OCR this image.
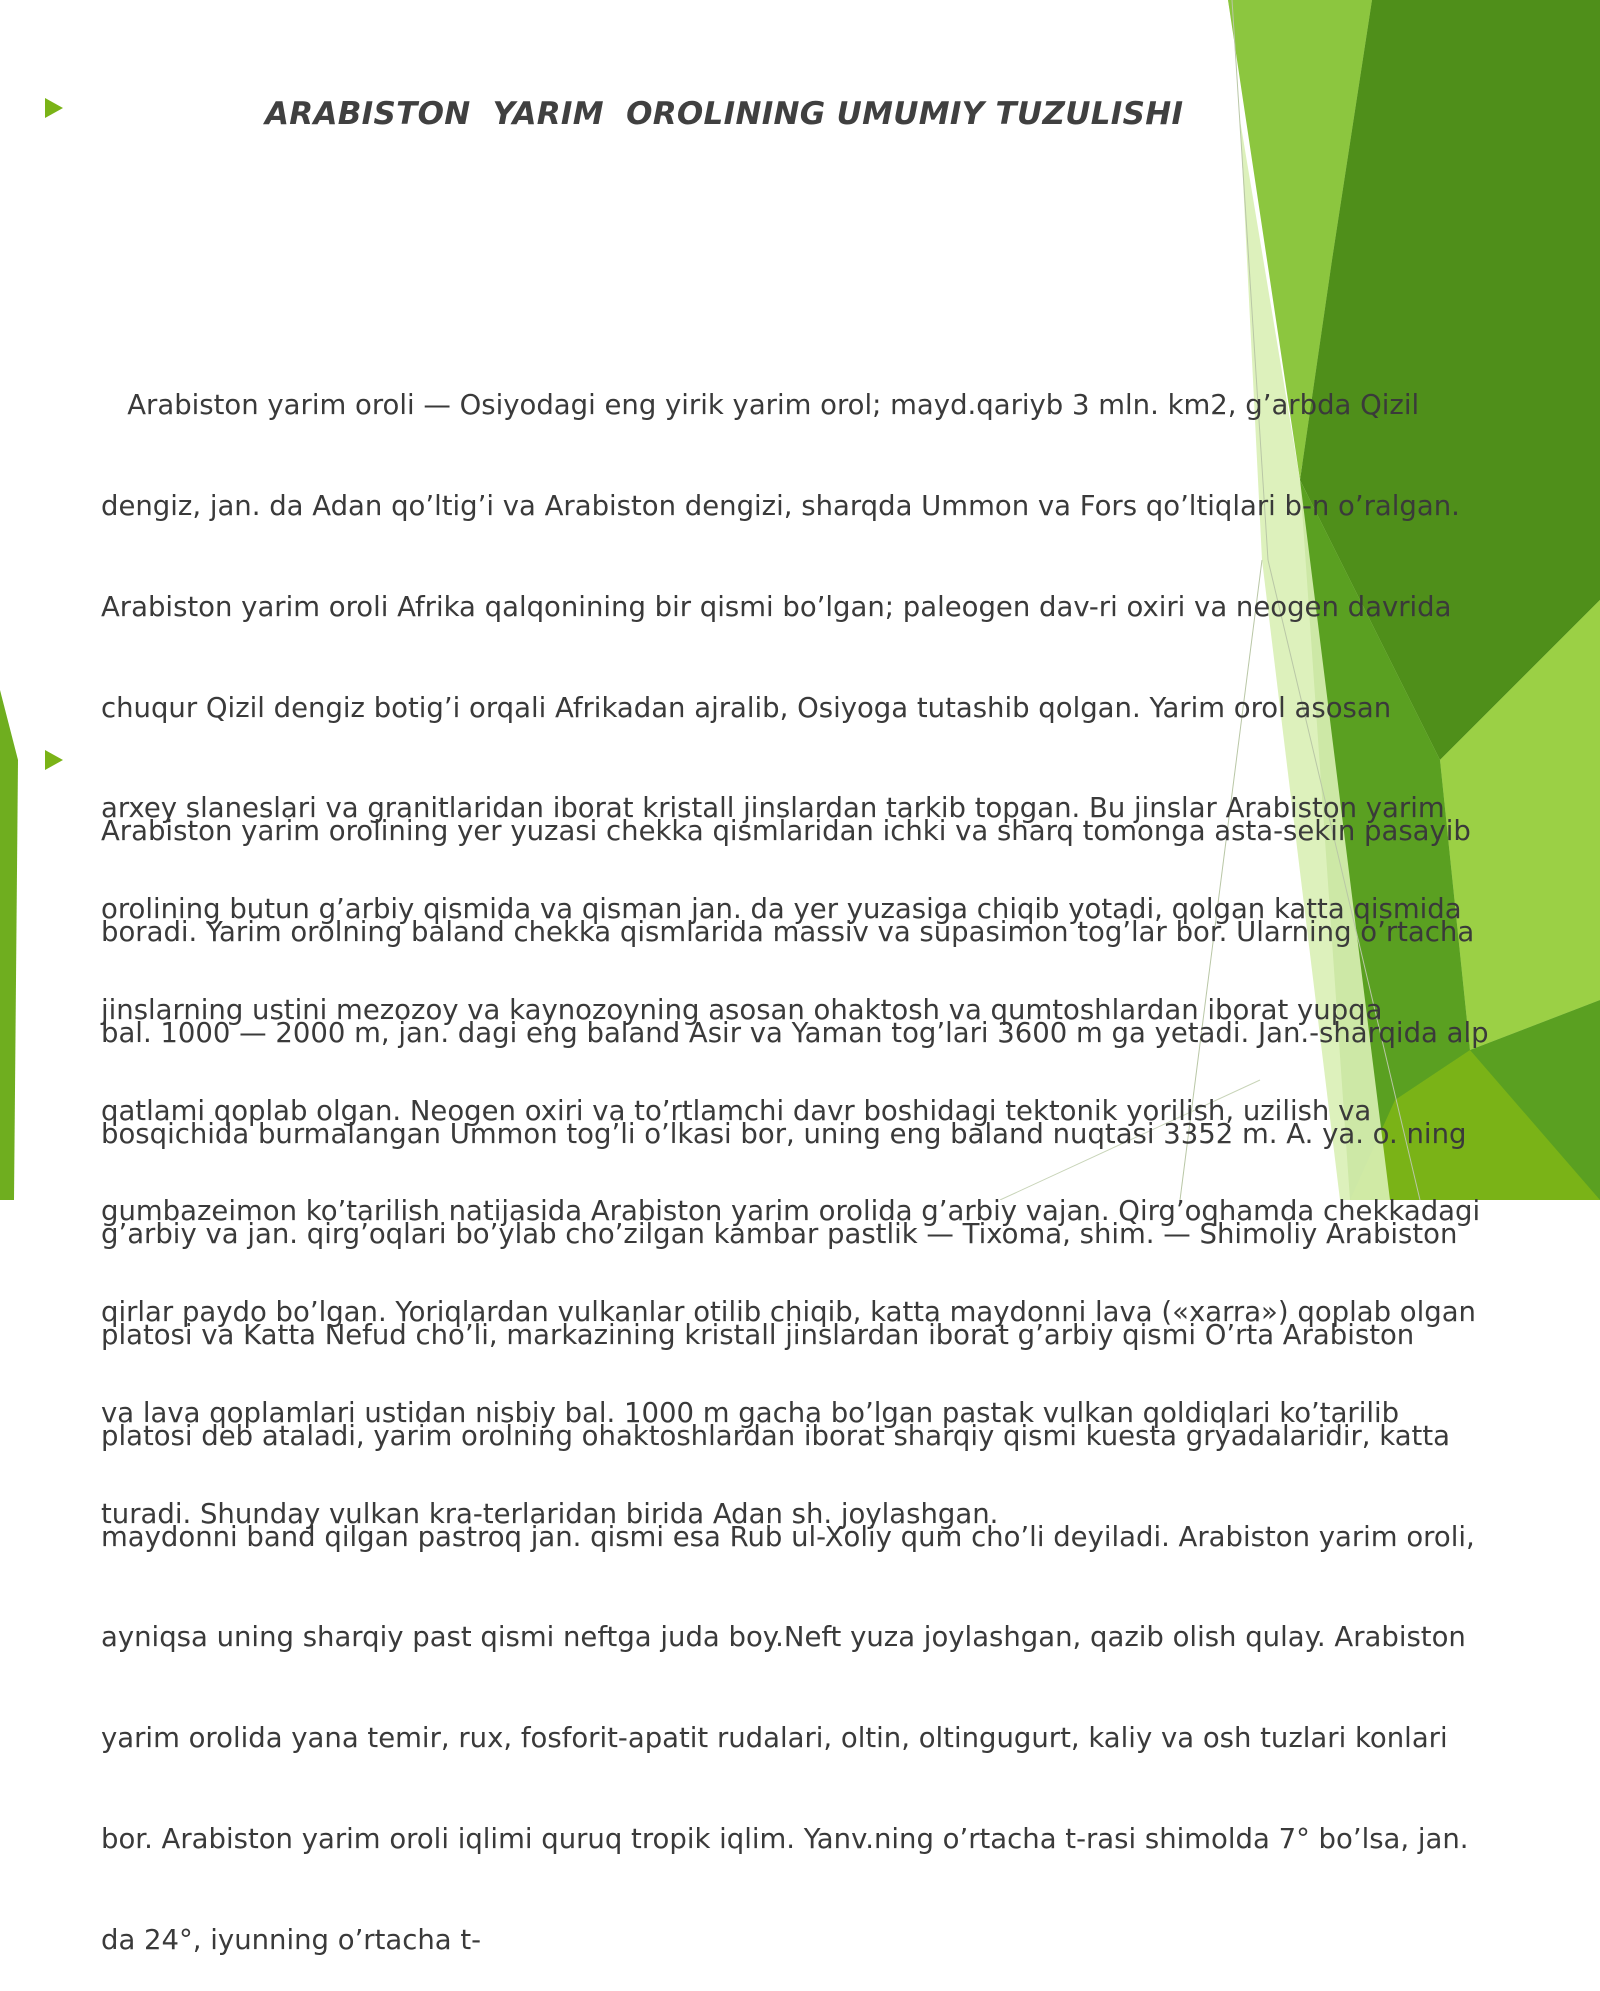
ARABISTON  YARIM  OROLINING UMUMIY TUZULISHI

Arabiston yarim oroli — Osiyodagi eng yirik yarim orol; mayd.qariyb 3 mln. km2, g’arbda Qizil

dengiz, jan. da Adan qo’ltig’i va Arabiston dengizi, sharqda Ummon va Fors qo’ltiqlari b-n o’ralgan.

Arabiston yarim oroli Afrika qalqonining bir qismi bo’lgan; paleogen dav-ri oxiri va neogen davrida

chuqur Qizil dengiz botig’i orqali Afrikadan ajralib, Osiyoga tutashib qolgan. Yarim orol asosan

arxey slaneslari va granitlaridan iborat kristall jinslardan tarkib topgan. Bu jinslar Arabiston yarim

orolining butun g’arbiy qismida va qisman jan. da yer yuzasiga chiqib yotadi, qolgan katta qismida

jinslarning ustini mezozoy va kaynozoyning asosan ohaktosh va qumtoshlardan iborat yupqa

qatlami qoplab olgan. Neogen oxiri va to’rtlamchi davr boshidagi tektonik yorilish, uzilish va

gumbazeimon ko’tarilish natijasida Arabiston yarim orolida g’arbiy vajan. Qirg’oqhamda chekkadagi

qirlar paydo bo’lgan. Yoriqlardan vulkanlar otilib chiqib, katta maydonni lava («xarra») qoplab olgan

va lava qoplamlari ustidan nisbiy bal. 1000 m gacha bo’lgan pastak vulkan qoldiqlari ko’tarilib

turadi. Shunday vulkan kra-terlaridan birida Adan sh. joylashgan.

Arabiston yarim orolining yer yuzasi chekka qismlaridan ichki va sharq tomonga asta-sekin pasayib

boradi. Yarim orolning baland chekka qismlarida massiv va supasimon tog’lar bor. Ularning o’rtacha

bal. 1000 — 2000 m, jan. dagi eng baland Asir va Yaman tog’lari 3600 m ga yetadi. Jan.-sharqida alp

bosqichida burmalangan Ummon tog’li o’lkasi bor, uning eng baland nuqtasi 3352 m. A. ya. o. ning

g’arbiy va jan. qirg’oqlari bo’ylab cho’zilgan kambar pastlik — Tixoma, shim. — Shimoliy Arabiston

platosi va Katta Nefud cho’li, markazining kristall jinslardan iborat g’arbiy qismi O’rta Arabiston

platosi deb ataladi, yarim orolning ohaktoshlardan iborat sharqiy qismi kuesta gryadalaridir, katta

maydonni band qilgan pastroq jan. qismi esa Rub ul-Xoliy qum cho’li deyiladi. Arabiston yarim oroli,

ayniqsa uning sharqiy past qismi neftga juda boy.Neft yuza joylashgan, qazib olish qulay. Arabiston

yarim orolida yana temir, rux, fosforit-apatit rudalari, oltin, oltingugurt, kaliy va osh tuzlari konlari

bor. Arabiston yarim oroli iqlimi quruq tropik iqlim. Yanv.ning o’rtacha t-rasi shimolda 7° bo’lsa, jan.

da 24°, iyunning o’rtacha t-
